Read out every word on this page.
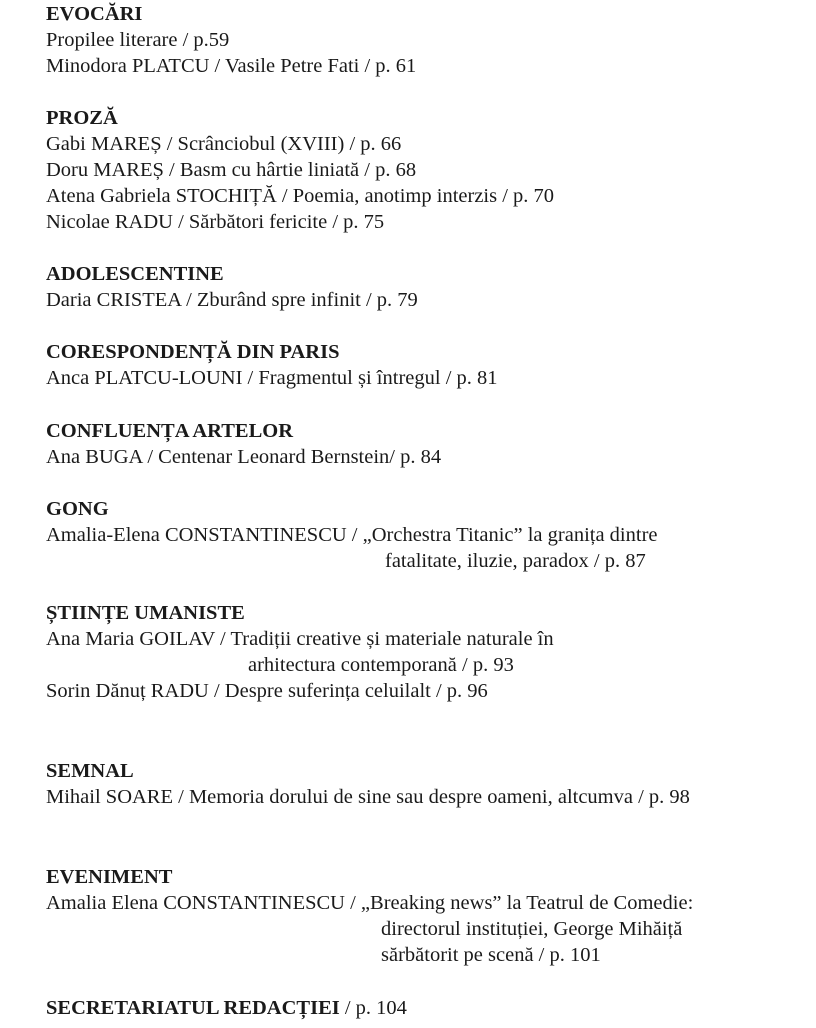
EVOCĂRI
Propilee literare / p.59
Minodora PLATCU / Vasile Petre Fati / p. 61
PROZĂ
Gabi MAREȘ / Scrânciobul (XVIII) / p. 66
Doru MAREȘ / Basm cu hârtie liniată / p. 68
Atena Gabriela STOCHIȚĂ / Poemia, anotimp interzis / p. 70
Nicolae RADU / Sărbători fericite / p. 75
ADOLESCENTINE
Daria CRISTEA / Zburând spre infinit / p. 79
CORESPONDENȚĂ DIN PARIS
Anca PLATCU-LOUNI / Fragmentul și întregul / p. 81
CONFLUENȚA ARTELOR
Ana BUGA / Centenar Leonard Bernstein/ p. 84
GONG
Amalia-Elena CONSTANTINESCU / „Orchestra Titanic” la granița dintre
fatalitate, iluzie, paradox / p. 87
ȘTIINȚE UMANISTE
Ana Maria GOILAV / Tradiții creative și materiale naturale în
arhitectura contemporană / p. 93
Sorin Dănuț RADU / Despre suferința celuilalt / p. 96
SEMNAL
Mihail SOARE / Memoria dorului de sine sau despre oameni, altcumva / p. 98
EVENIMENT
Amalia Elena CONSTANTINESCU / „Breaking news” la Teatrul de Comedie:
directorul instituției, George Mihăiță
sărbătorit pe scenă / p. 101
SECRETARIATUL REDACȚIEI / p. 104
